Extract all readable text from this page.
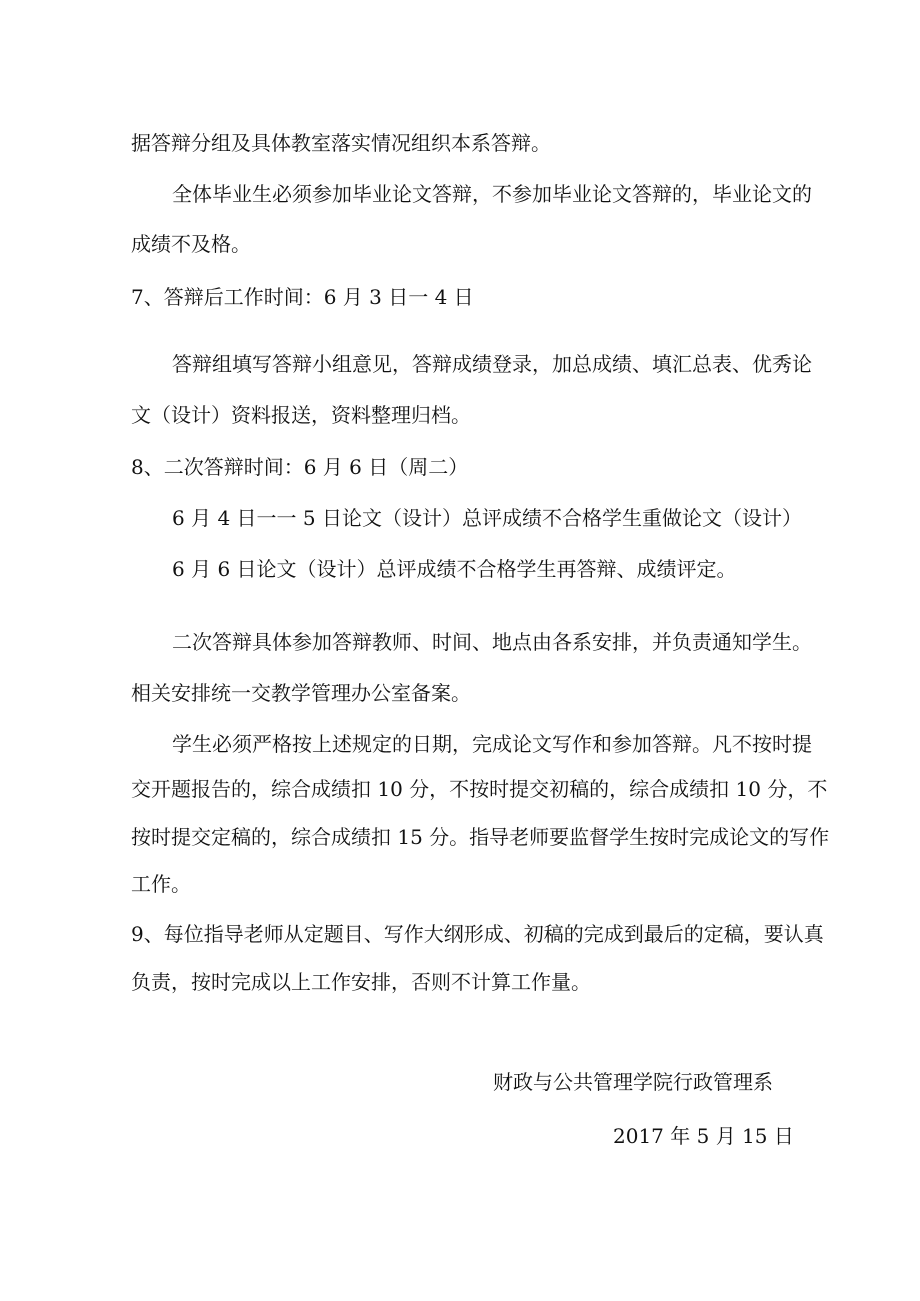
据答辩分组及具体教室落实情况组织本系答辩。
全体毕业生必须参加毕业论文答辩，不参加毕业论文答辩的，毕业论文的
成绩不及格。
7、答辩后工作时间：6 月 3 日一 4 日
答辩组填写答辩小组意见，答辩成绩登录，加总成绩、填汇总表、优秀论
文（设计）资料报送，资料整理归档。
8、二次答辩时间：6 月 6 日（周二）
6 月 4 日一一 5 日论文（设计）总评成绩不合格学生重做论文（设计）
6 月 6 日论文（设计）总评成绩不合格学生再答辩、成绩评定。
二次答辩具体参加答辩教师、时间、地点由各系安排，并负责通知学生。
相关安排统一交教学管理办公室备案。
学生必须严格按上述规定的日期，完成论文写作和参加答辩。凡不按时提
交开题报告的，综合成绩扣 10 分，不按时提交初稿的，综合成绩扣 10 分，不
按时提交定稿的，综合成绩扣 15 分。指导老师要监督学生按时完成论文的写作
工作。
9、每位指导老师从定题目、写作大纲形成、初稿的完成到最后的定稿，要认真
负责，按时完成以上工作安排，否则不计算工作量。
财政与公共管理学院行政管理系
2017 年 5 月 15 日
